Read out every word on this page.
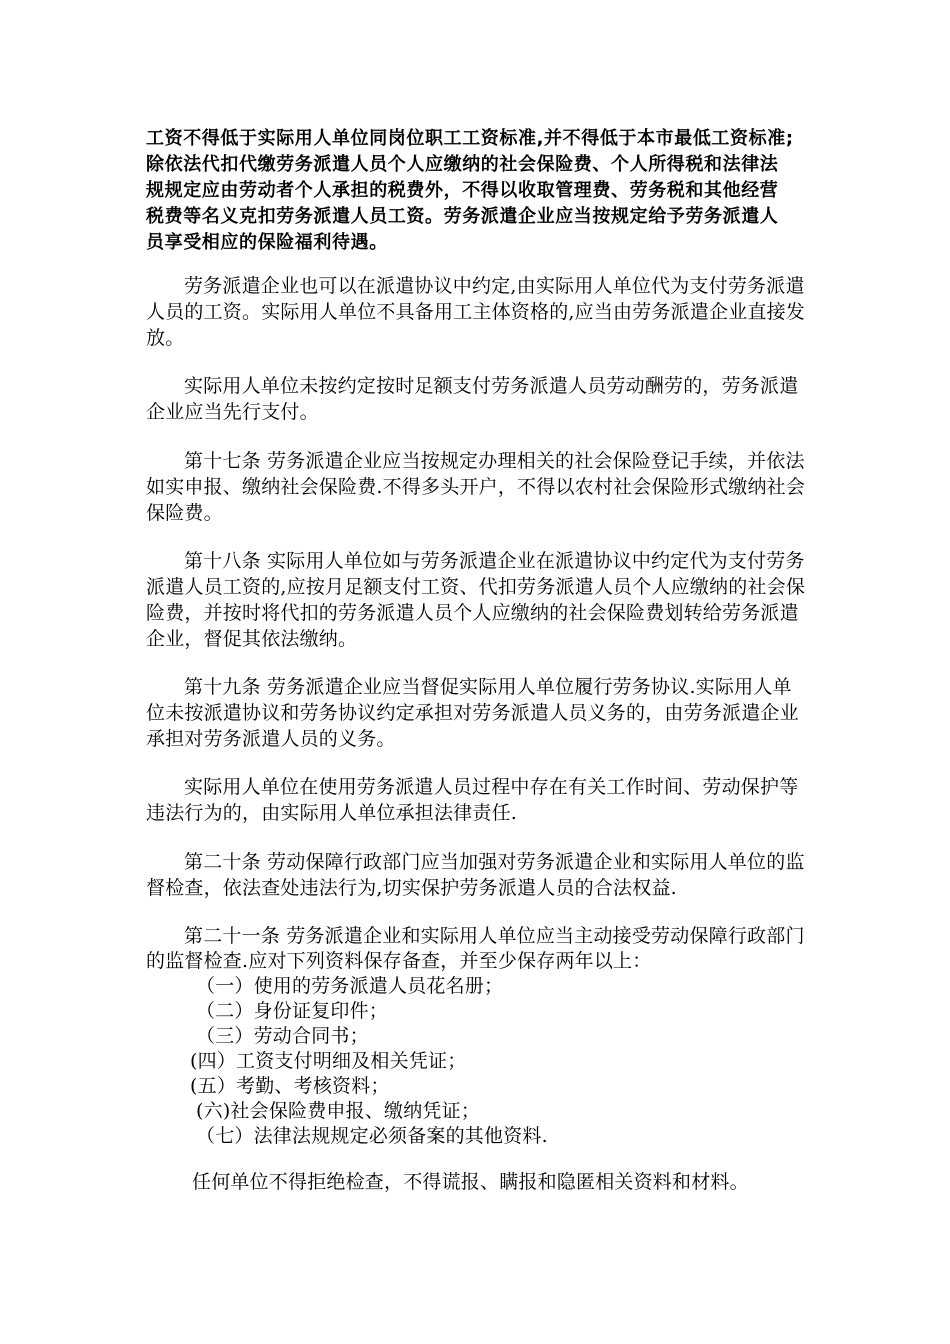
工资不得低于实际用人单位同岗位职工工资标准,并不得低于本市最低工资标准;
除依法代扣代缴劳务派遣人员个人应缴纳的社会保险费、个人所得税和法律法
规规定应由劳动者个人承担的税费外，不得以收取管理费、劳务税和其他经营
税费等名义克扣劳务派遣人员工资。劳务派遣企业应当按规定给予劳务派遣人
员享受相应的保险福利待遇。
劳务派遣企业也可以在派遣协议中约定,由实际用人单位代为支付劳务派遣
人员的工资。实际用人单位不具备用工主体资格的,应当由劳务派遣企业直接发
放。
实际用人单位未按约定按时足额支付劳务派遣人员劳动酬劳的，劳务派遣
企业应当先行支付。
第十七条 劳务派遣企业应当按规定办理相关的社会保险登记手续，并依法
如实申报、缴纳社会保险费.不得多头开户，不得以农村社会保险形式缴纳社会
保险费。
第十八条 实际用人单位如与劳务派遣企业在派遣协议中约定代为支付劳务
派遣人员工资的,应按月足额支付工资、代扣劳务派遣人员个人应缴纳的社会保
险费，并按时将代扣的劳务派遣人员个人应缴纳的社会保险费划转给劳务派遣
企业，督促其依法缴纳。
第十九条 劳务派遣企业应当督促实际用人单位履行劳务协议.实际用人单
位未按派遣协议和劳务协议约定承担对劳务派遣人员义务的，由劳务派遣企业
承担对劳务派遣人员的义务。
实际用人单位在使用劳务派遣人员过程中存在有关工作时间、劳动保护等
违法行为的，由实际用人单位承担法律责任.
第二十条 劳动保障行政部门应当加强对劳务派遣企业和实际用人单位的监
督检查，依法查处违法行为,切实保护劳务派遣人员的合法权益.
第二十一条 劳务派遣企业和实际用人单位应当主动接受劳动保障行政部门
的监督检查.应对下列资料保存备查，并至少保存两年以上：
（一）使用的劳务派遣人员花名册；
（二）身份证复印件；
（三）劳动合同书；
(四）工资支付明细及相关凭证；
(五）考勤、考核资料；
(六)社会保险费申报、缴纳凭证；
（七）法律法规规定必须备案的其他资料.
任何单位不得拒绝检查，不得谎报、瞒报和隐匿相关资料和材料。
